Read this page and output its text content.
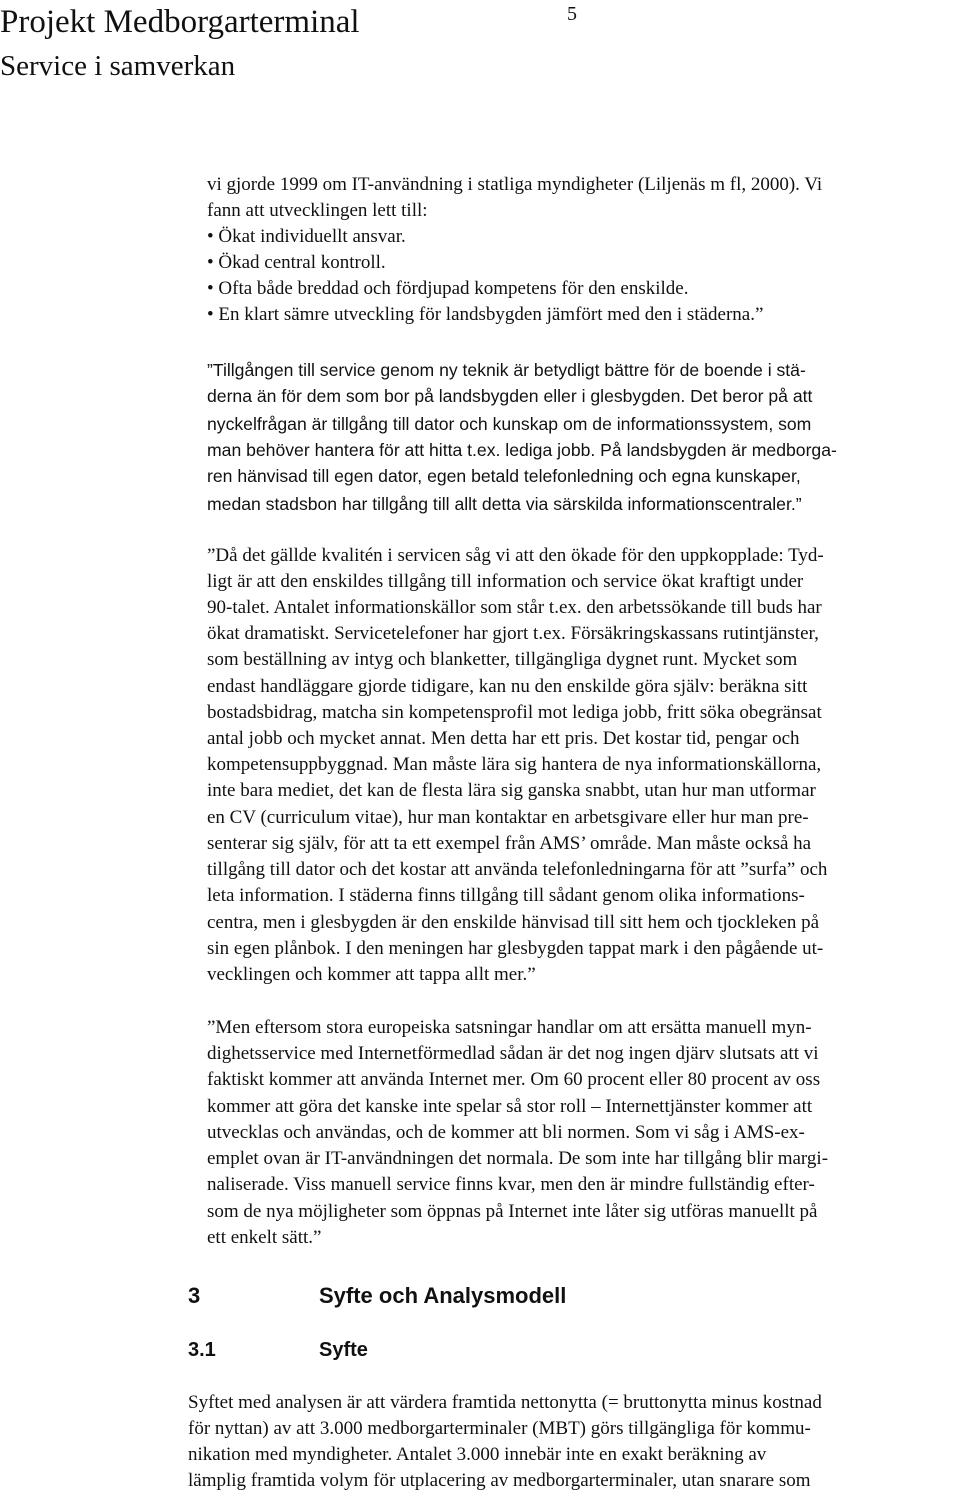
Projekt Medborgarterminal
Service i samverkan
5
vi gjorde 1999 om IT-användning i statliga myndigheter (Liljenäs m fl, 2000). Vi
fann att utvecklingen lett till:
• Ökat individuellt ansvar.
• Ökad central kontroll.
• Ofta både breddad och fördjupad kompetens för den enskilde.
• En klart sämre utveckling för landsbygden jämfört med den i städerna.”
”Tillgången till service genom ny teknik är betydligt bättre för de boende i stä-
derna än för dem som bor på landsbygden eller i glesbygden. Det beror på att
nyckelfrågan är tillgång till dator och kunskap om de informationssystem, som
man behöver hantera för att hitta t.ex. lediga jobb. På landsbygden är medborga-
ren hänvisad till egen dator, egen betald telefonledning och egna kunskaper,
medan stadsbon har tillgång till allt detta via särskilda informationscentraler.”
”Då det gällde kvalitén i servicen såg vi att den ökade för den uppkopplade: Tyd-
ligt är att den enskildes tillgång till information och service ökat kraftigt under
90-talet. Antalet informationskällor som står t.ex. den arbetssökande till buds har
ökat dramatiskt. Servicetelefoner har gjort t.ex. Försäkringskassans rutintjänster,
som beställning av intyg och blanketter, tillgängliga dygnet runt. Mycket som
endast handläggare gjorde tidigare, kan nu den enskilde göra själv: beräkna sitt
bostadsbidrag, matcha sin kompetensprofil mot lediga jobb, fritt söka obegränsat
antal jobb och mycket annat. Men detta har ett pris. Det kostar tid, pengar och
kompetensuppbyggnad. Man måste lära sig hantera de nya informationskällorna,
inte bara mediet, det kan de flesta lära sig ganska snabbt, utan hur man utformar
en CV (curriculum vitae), hur man kontaktar en arbetsgivare eller hur man pre-
senterar sig själv, för att ta ett exempel från AMS’ område. Man måste också ha
tillgång till dator och det kostar att använda telefonledningarna för att ”surfa” och
leta information. I städerna finns tillgång till sådant genom olika informations-
centra, men i glesbygden är den enskilde hänvisad till sitt hem och tjockleken på
sin egen plånbok. I den meningen har glesbygden tappat mark i den pågående ut-
vecklingen och kommer att tappa allt mer.”
”Men eftersom stora europeiska satsningar handlar om att ersätta manuell myn-
dighetsservice med Internetförmedlad sådan är det nog ingen djärv slutsats att vi
faktiskt kommer att använda Internet mer. Om 60 procent eller 80 procent av oss
kommer att göra det kanske inte spelar så stor roll – Internettjänster kommer att
utvecklas och användas, och de kommer att bli normen. Som vi såg i AMS-ex-
emplet ovan är IT-användningen det normala. De som inte har tillgång blir margi-
naliserade. Viss manuell service finns kvar, men den är mindre fullständig efter-
som de nya möjligheter som öppnas på Internet inte låter sig utföras manuellt på
ett enkelt sätt.”
3	Syfte och Analysmodell
3.1	Syfte
Syftet med analysen är att värdera framtida nettonytta (= bruttonytta minus kostnad
för nyttan) av att 3.000 medborgarterminaler (MBT) görs tillgängliga för kommu-
nikation med myndigheter. Antalet 3.000 innebär inte en exakt beräkning av
lämplig framtida volym för utplacering av medborgarterminaler, utan snarare som
